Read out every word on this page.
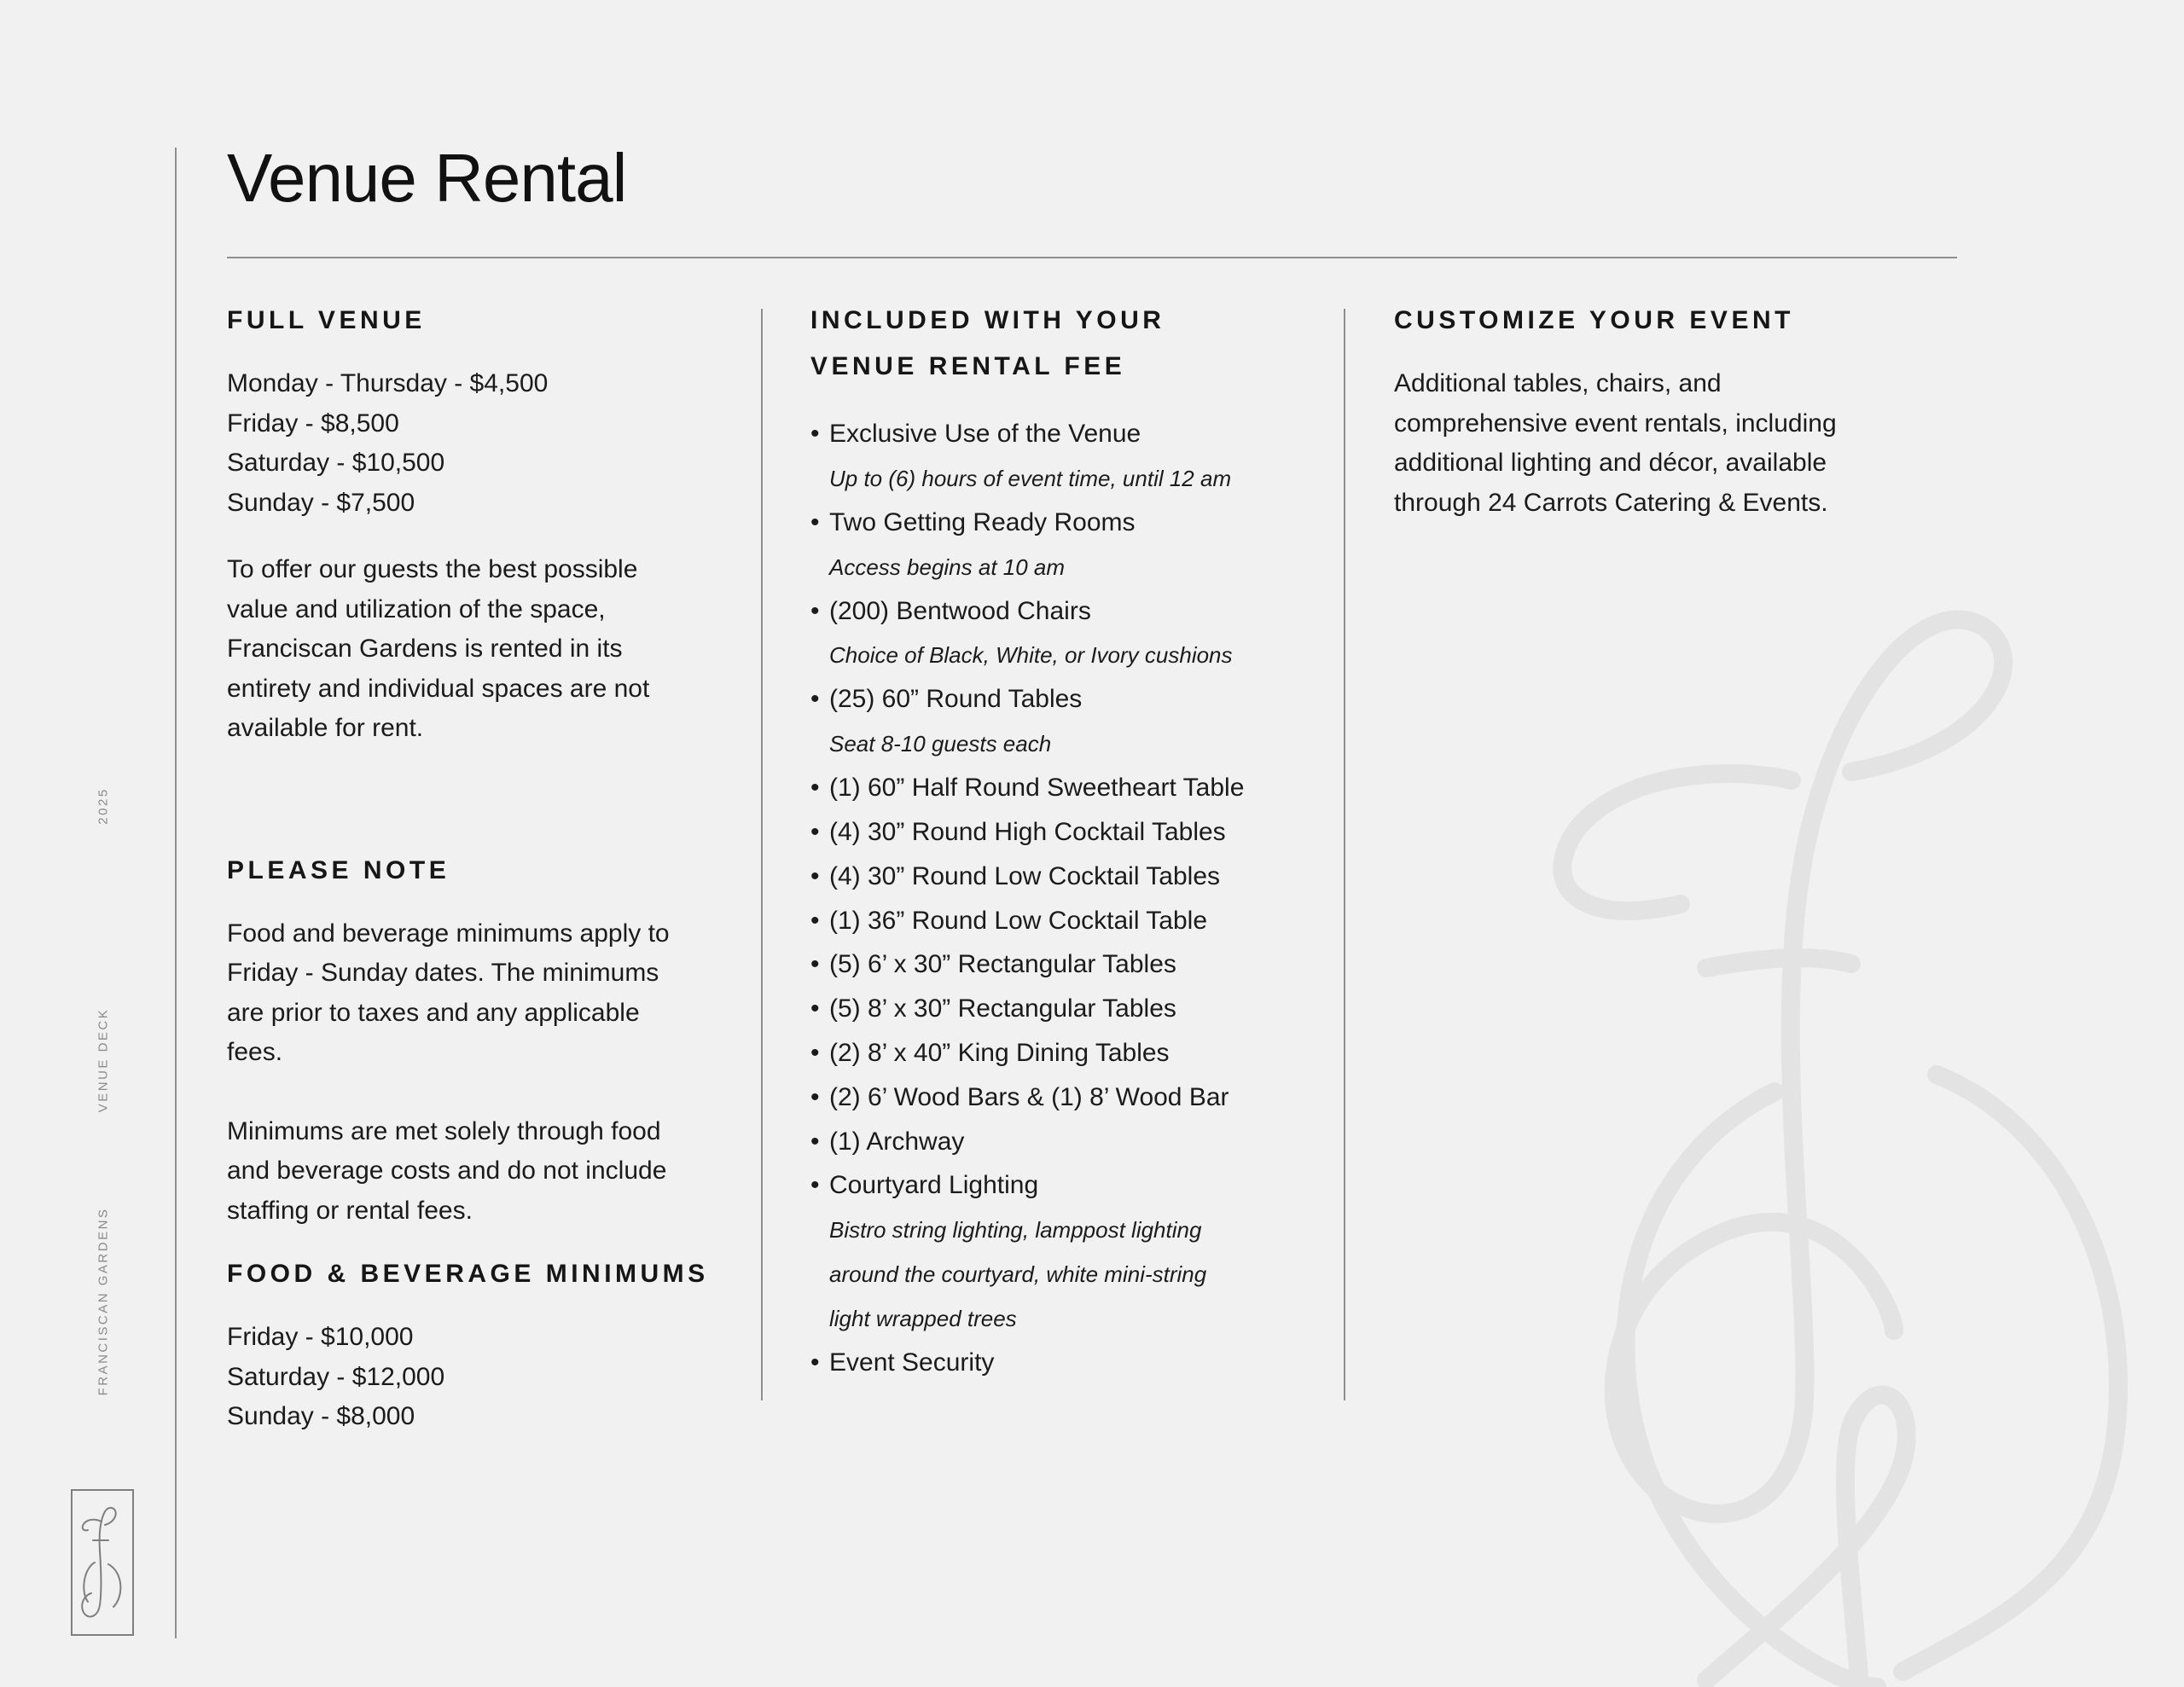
2025
VENUE DECK
FRANCISCAN GARDENS
Venue Rental
FULL VENUE
Monday - Thursday - $4,500
Friday - $8,500
Saturday - $10,500
Sunday - $7,500

To offer our guests the best possible
value and utilization of the space,
Franciscan Gardens is rented in its
entirety and individual spaces are not
available for rent.

PLEASE NOTE

Food and beverage minimums apply to
Friday - Sunday dates. The minimums
are prior to taxes and any applicable
fees.

Minimums are met solely through food
and beverage costs and do not include
staffing or rental fees.

FOOD & BEVERAGE MINIMUMS
Friday - $10,000
Saturday - $12,000
Sunday - $8,000
INCLUDED WITH YOUR
VENUE RENTAL FEE
• Exclusive Use of the Venue
Up to (6) hours of event time, until 12 am
• Two Getting Ready Rooms
Access begins at 10 am
• (200) Bentwood Chairs
Choice of Black, White, or Ivory cushions
• (25) 60” Round Tables
Seat 8-10 guests each
• (1) 60” Half Round Sweetheart Table
• (4) 30” Round High Cocktail Tables
• (4) 30” Round Low Cocktail Tables
• (1) 36” Round Low Cocktail Table
• (5) 6’ x 30” Rectangular Tables
• (5) 8’ x 30” Rectangular Tables
• (2) 8’ x 40” King Dining Tables
• (2) 6’ Wood Bars & (1) 8’ Wood Bar
• (1) Archway
• Courtyard Lighting
Bistro string lighting, lamppost lighting
around the courtyard, white mini-string
light wrapped trees
• Event Security
CUSTOMIZE YOUR EVENT

Additional tables, chairs, and
comprehensive event rentals, including
additional lighting and décor, available
through 24 Carrots Catering & Events.
